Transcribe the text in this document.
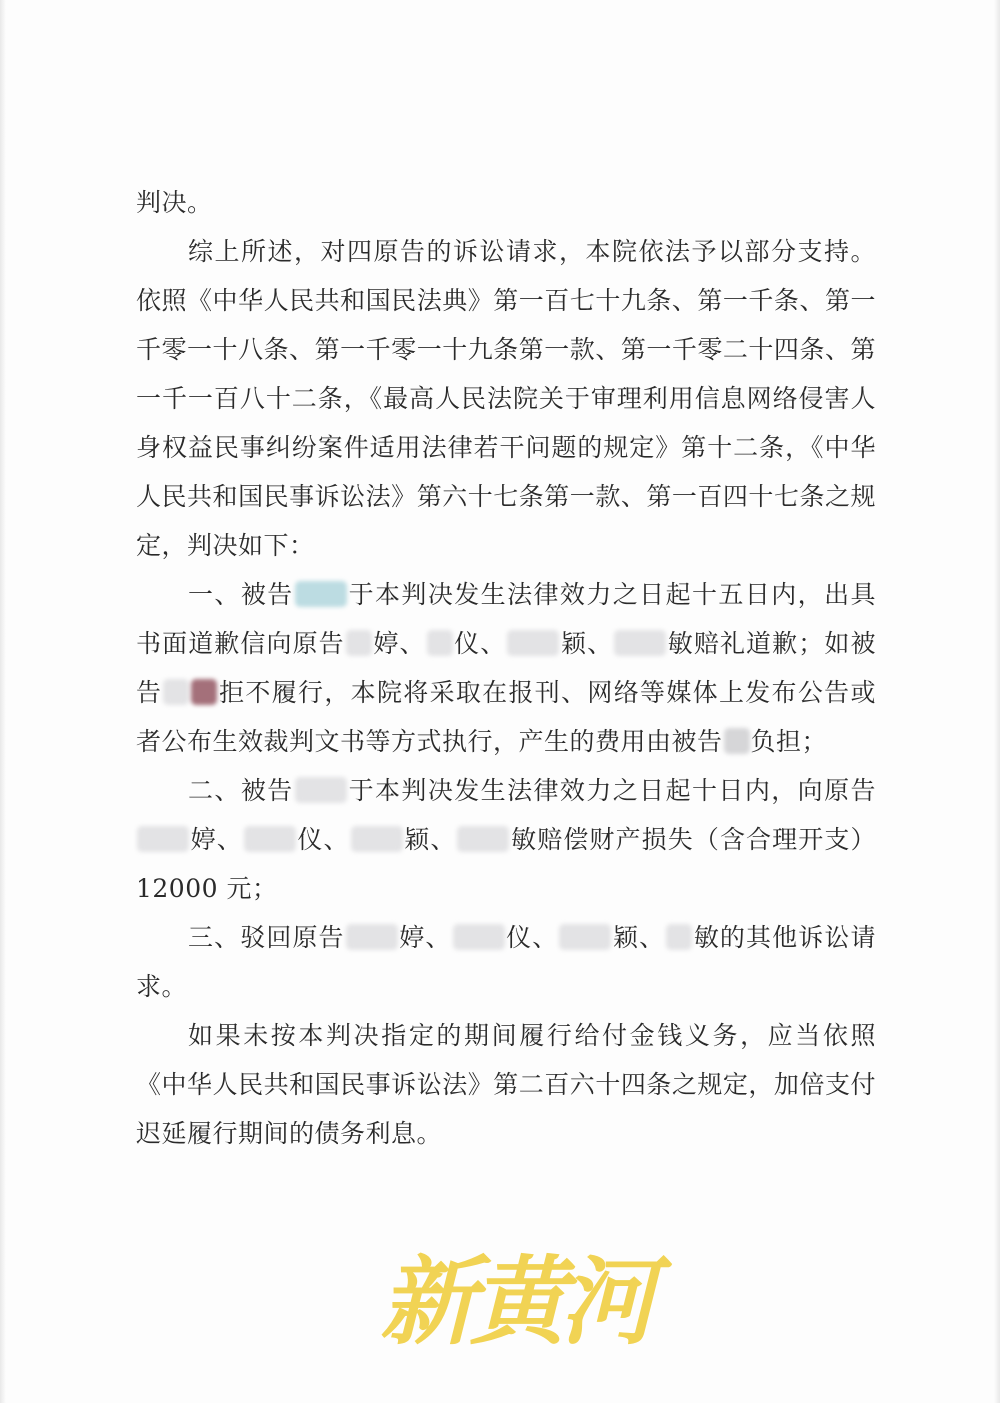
判决。

综上所述，对四原告的诉讼请求，本院依法予以部分支持。依照《中华人民共和国民法典》第一百七十九条、第一千条、第一千零一十八条、第一千零一十九条第一款、第一千零二十四条、第一千一百八十二条，《最高人民法院关于审理利用信息网络侵害人身权益民事纠纷案件适用法律若干问题的规定》第十二条，《中华人民共和国民事诉讼法》第六十七条第一款、第一百四十七条之规定，判决如下：

一、被告 于本判决发生法律效力之日起十五日内，出具书面道歉信向原告 婷、 仪、 颖、 敏赔礼道歉；如被告 拒不履行，本院将采取在报刊、网络等媒体上发布公告或者公布生效裁判文书等方式执行，产生的费用由被告 负担；

二、被告 于本判决发生法律效力之日起十日内，向原告婷、 仪、 颖、 敏赔偿财产损失（含合理开支）12000 元；

三、驳回原告 婷、 仪、 颖、 敏的其他诉讼请求。

如果未按本判决指定的期间履行给付金钱义务，应当依照《中华人民共和国民事诉讼法》第二百六十四条之规定，加倍支付迟延履行期间的债务利息。

新黄河
